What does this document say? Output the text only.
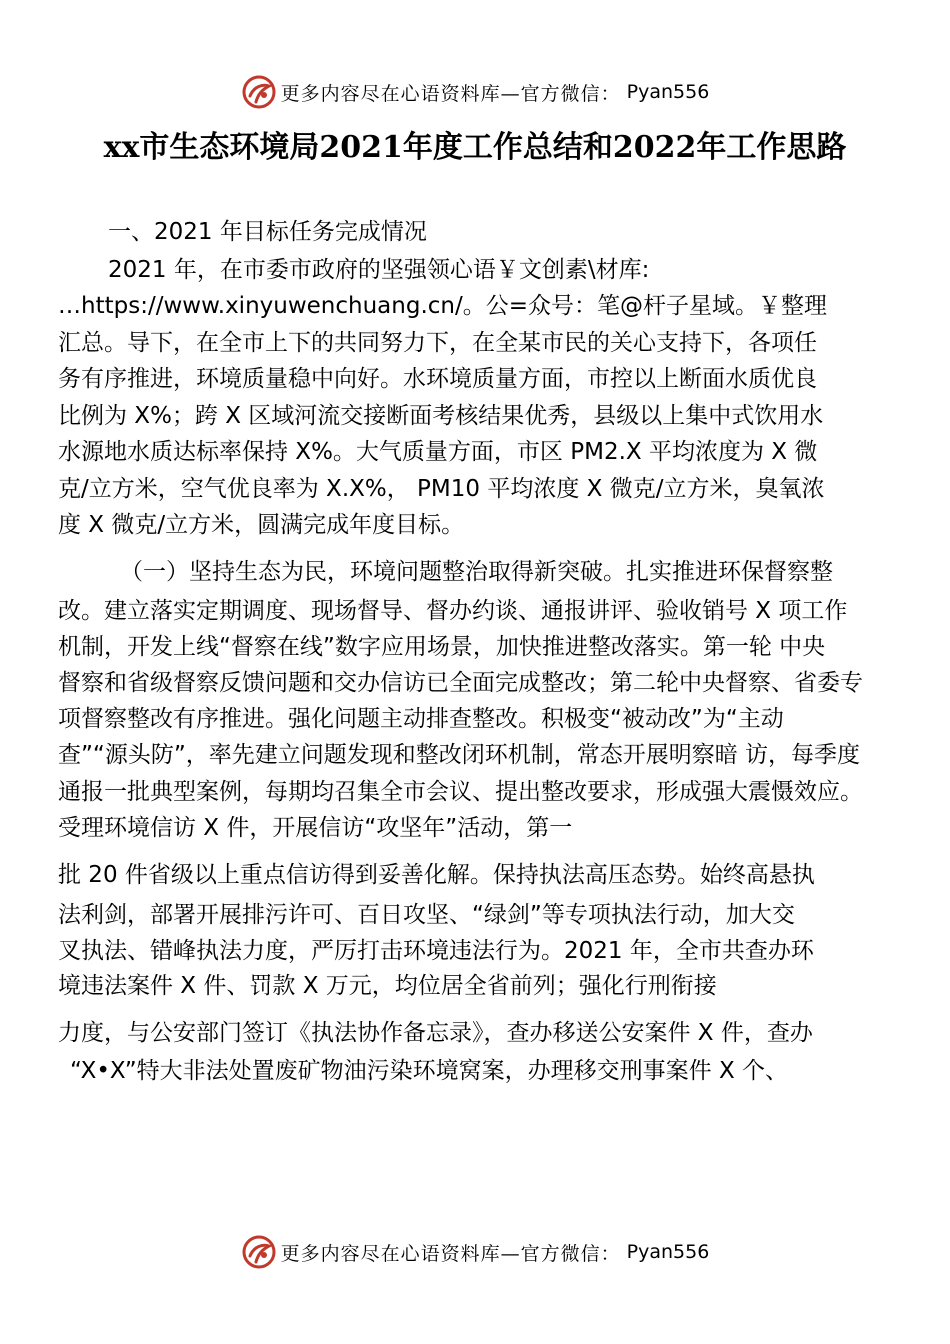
更多内容尽在心语资料库—官方微信： Pyan556
xx市生态环境局2021年度工作总结和2022年工作思路

一、2021 年目标任务完成情况

2021 年，在市委市政府的坚强领心语￥文创素\材库:

…https://www.xinyuwenchuang.cn/。公=众号：笔@杆子星域。￥整理

汇总。导下，在全市上下的共同努力下，在全某市民的关心支持下，各项任

务有序推进，环境质量稳中向好。水环境质量方面，市控以上断面水质优良

比例为 X%；跨 X 区域河流交接断面考核结果优秀，县级以上集中式饮用水

水源地水质达标率保持 X%。大气质量方面，市区 PM2.X 平均浓度为 X 微

克/立方米，空气优良率为 X.X%， PM10 平均浓度 X 微克/立方米，臭氧浓

度 X 微克/立方米，圆满完成年度目标。

（一）坚持生态为民，环境问题整治取得新突破。扎实推进环保督察整

改。建立落实定期调度、现场督导、督办约谈、通报讲评、验收销号 X 项工作

机制，开发上线“督察在线”数字应用场景，加快推进整改落实。第一轮 中央

督察和省级督察反馈问题和交办信访已全面完成整改；第二轮中央督察、省委专

项督察整改有序推进。强化问题主动排查整改。积极变“被动改”为“主动

查”“源头防”，率先建立问题发现和整改闭环机制，常态开展明察暗 访，每季度

通报一批典型案例，每期均召集全市会议、提出整改要求，形成强大震慑效应。

受理环境信访 X 件，开展信访“攻坚年”活动，第一

批 20 件省级以上重点信访得到妥善化解。保持执法高压态势。始终高悬执

法利剑，部署开展排污许可、百日攻坚、“绿剑”等专项执法行动，加大交

叉执法、错峰执法力度，严厉打击环境违法行为。2021 年，全市共查办环

境违法案件 X 件、罚款 X 万元，均位居全省前列；强化行刑衔接

力度，与公安部门签订《执法协作备忘录》，查办移送公安案件 X 件，查办

“X•X”特大非法处置废矿物油污染环境窝案，办理移交刑事案件 X 个、

更多内容尽在心语资料库—官方微信： Pyan556
